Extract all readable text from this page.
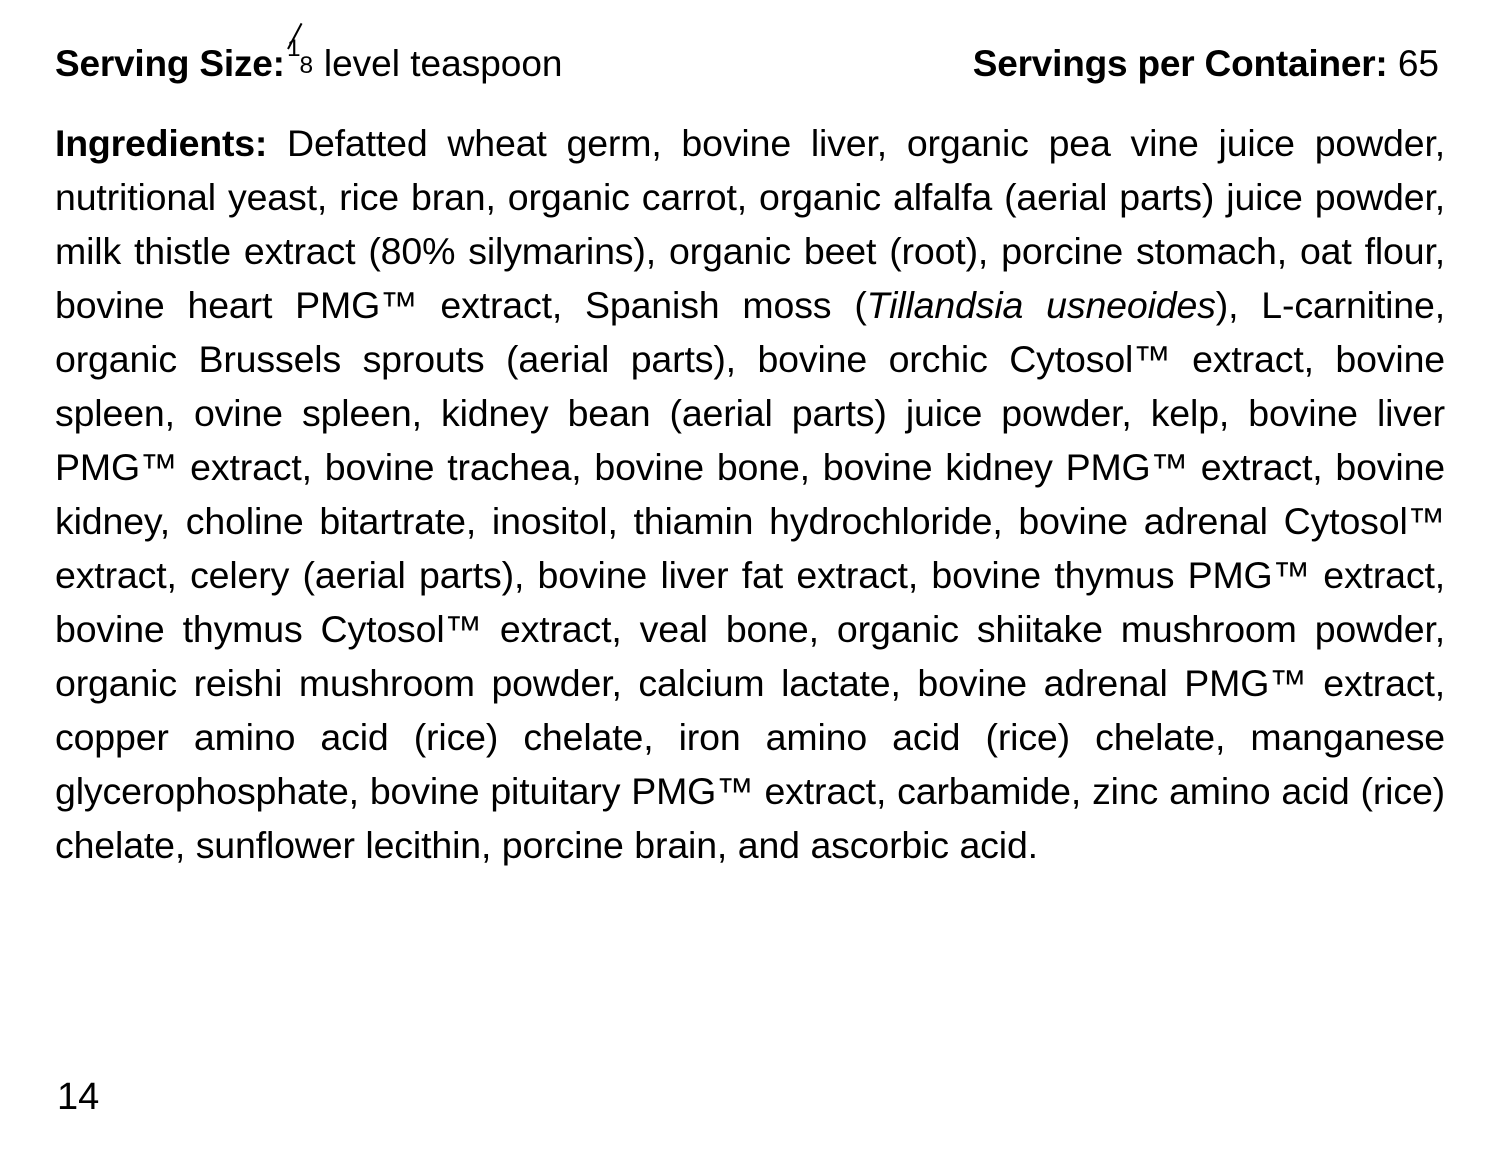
Serving Size: 1
8 level teaspoon	Servings per Container: 65
Ingredients: Defatted wheat germ, bovine liver, organic pea vine juice powder, nutritional yeast, rice bran, organic carrot, organic alfalfa (aerial parts) juice powder, milk thistle extract (80% silymarins), organic beet (root), porcine stomach, oat flour, bovine heart PMG™ extract, Spanish moss (Tillandsia usneoides), L-carnitine, organic Brussels sprouts (aerial parts), bovine orchic Cytosol™ extract, bovine spleen, ovine spleen, kidney bean (aerial parts) juice powder, kelp, bovine liver PMG™ extract, bovine trachea, bovine bone, bovine kidney PMG™ extract, bovine kidney, choline bitartrate, inositol, thiamin hydrochloride, bovine adrenal Cytosol™ extract, celery (aerial parts), bovine liver fat extract, bovine thymus PMG™ extract, bovine thymus Cytosol™ extract, veal bone, organic shiitake mushroom powder, organic reishi mushroom powder, calcium lactate, bovine adrenal PMG™ extract, copper amino acid (rice) chelate, iron amino acid (rice) chelate, manganese glycerophosphate, bovine pituitary PMG™ extract, carbamide, zinc amino acid (rice) chelate, sunflower lecithin, porcine brain, and ascorbic acid.
14
